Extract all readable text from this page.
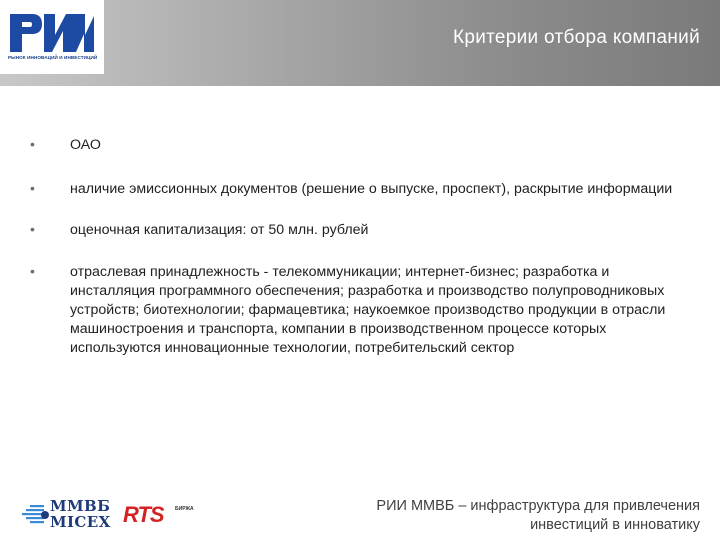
РЫНОК ИННОВАЦИЙ И ИНВЕСТИЦИЙ
Критерии отбора компаний
•	ОАО
•	наличие эмиссионных документов (решение о выпуске, проспект), раскрытие информации
•	оценочная капитализация: от 50 млн. рублей
•	отраслевая принадлежность - телекоммуникации; интернет-бизнес; разработка и инсталляция программного обеспечения; разработка и производство полупроводниковых устройств; биотехнологии; фармацевтика; наукоемкое производство продукции в отрасли машиностроения и транспорта, компании в производственном процессе которых используются инновационные технологии, потребительский сектор
ММВБ
MICEX RTS БИРЖА	РИИ ММВБ – инфраструктура для привлечения
инвестиций в инноватику
